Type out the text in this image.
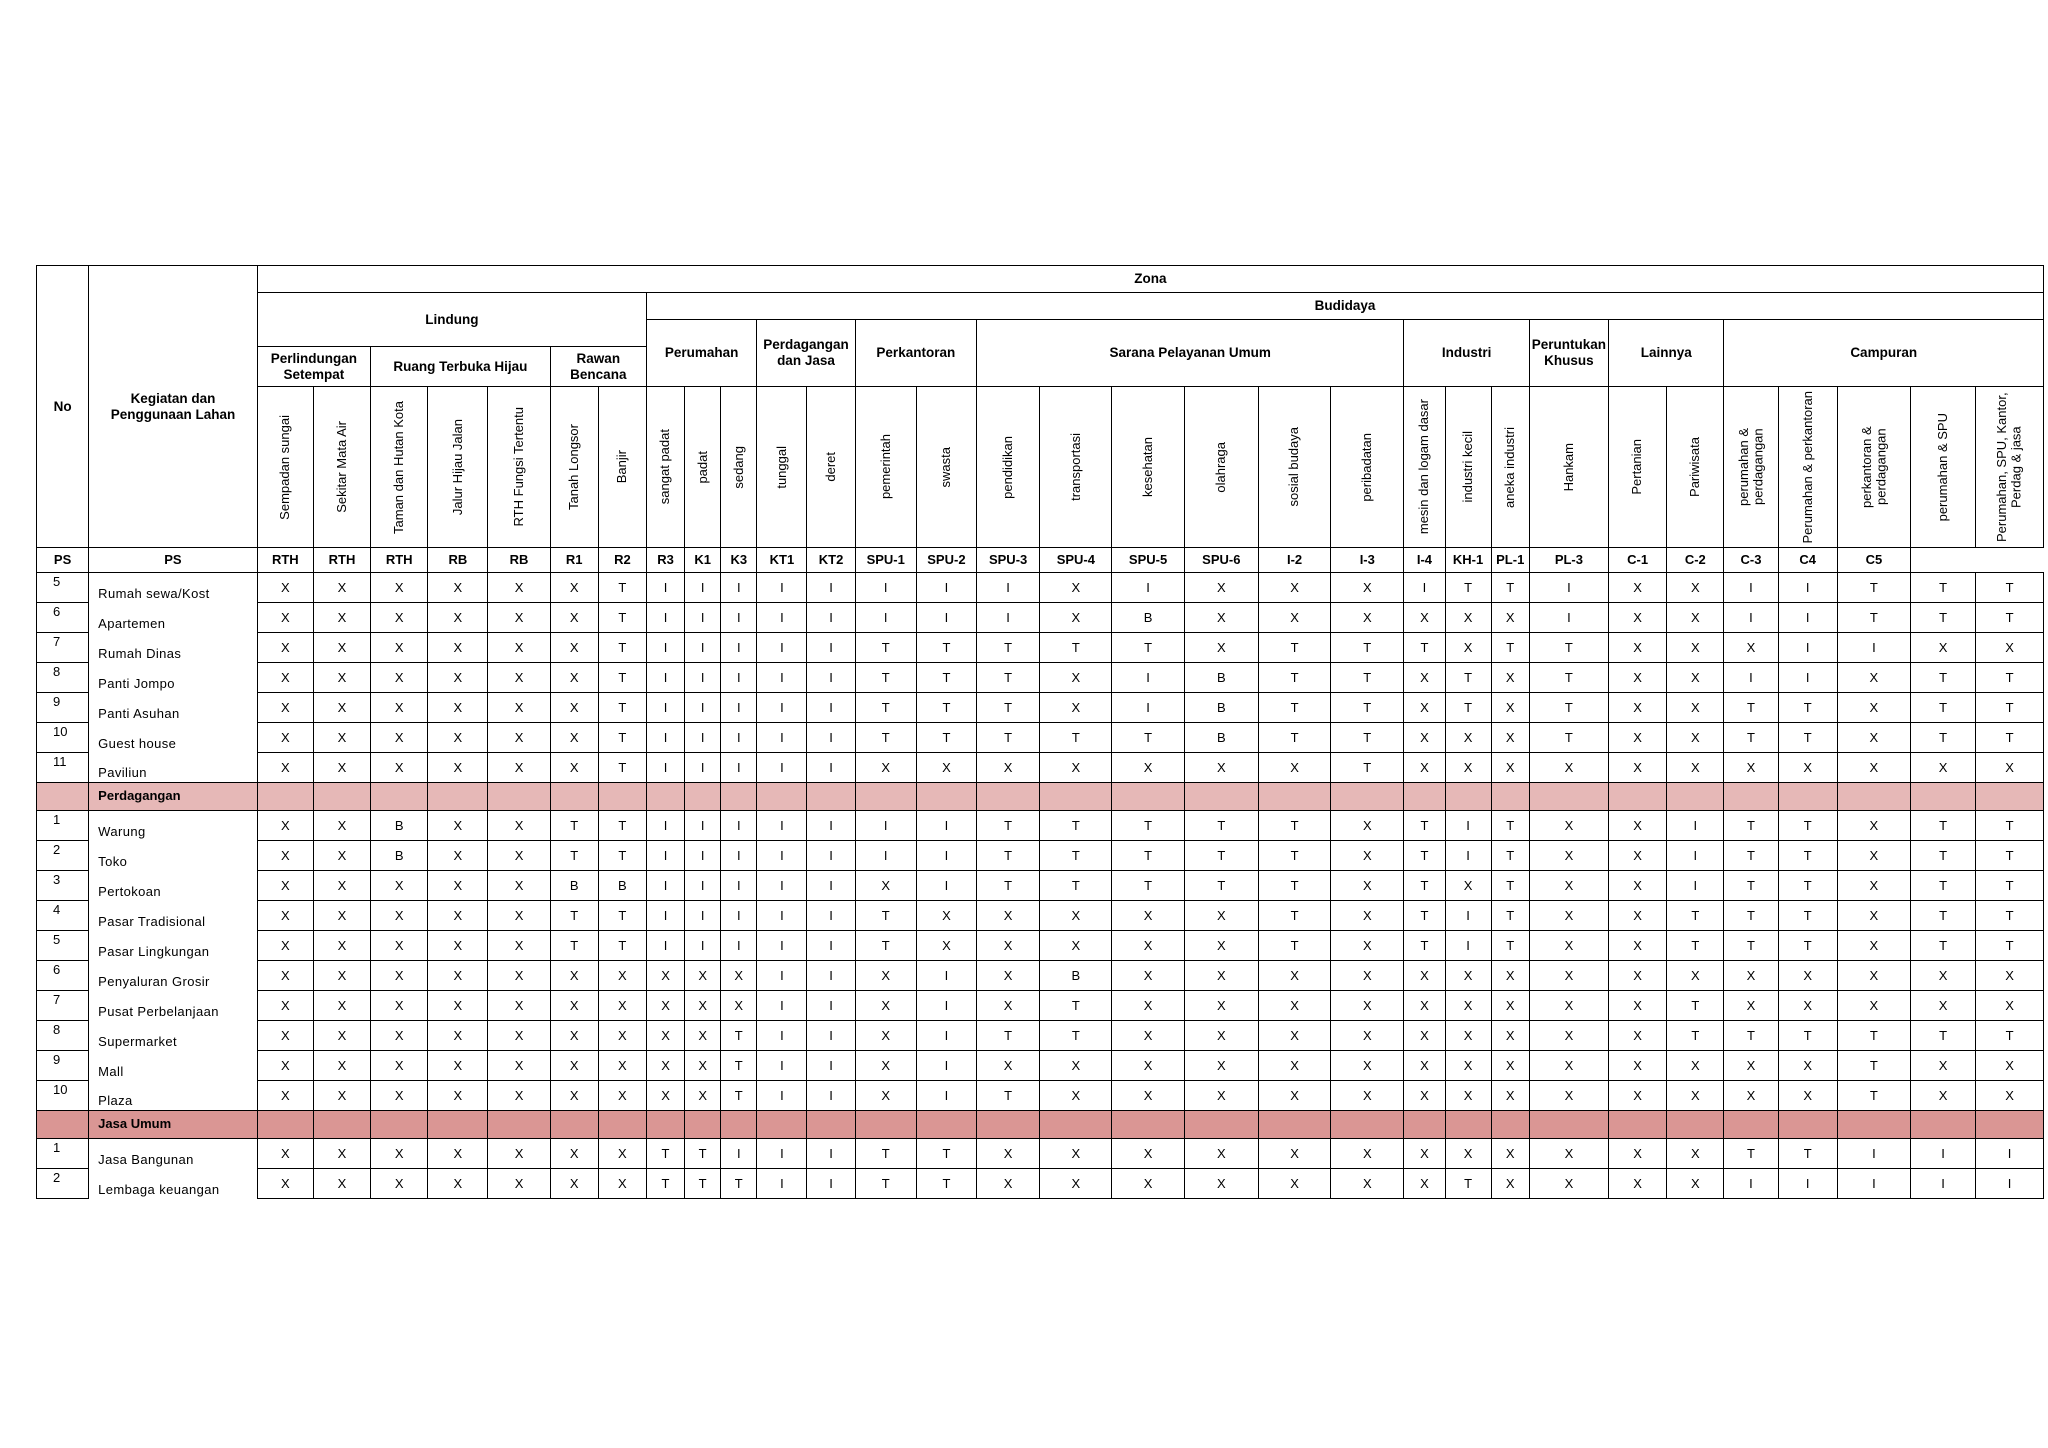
No	Kegiatan dan Penggunaan Lahan	Zona																														
		Lindung							Budidaya																							
									Perumahan			Perdagangan dan Jasa		Perkantoran		Sarana Pelayanan Umum						Industri			Peruntukan Khusus	Lainnya		Campuran				
		Perlindungan Setempat		Ruang Terbuka Hijau			Rawan Bencana																									

		Sempadan sungai	Sekitar Mata Air	Taman dan Hutan Kota	Jalur Hijau Jalan	RTH Fungsi Tertentu	Tanah Longsor	Banjir	sangat padat	padat	sedang	tunggal	deret	pemerintah	swasta	pendidikan	transportasi	kesehatan	olahraga	sosial budaya	peribadatan	mesin dan logam dasar	industri kecil	aneka industri	Hankam	Pertanian	Pariwisata	perumahan & perdagangan	Perumahan & perkantoran	perkantoran & perdagangan	perumahan & SPU	Perumahan, SPU, Kantor, Perdag & jasa

PS	PS	RTH	RTH	RTH	RB	RB	R1	R2	R3	K1	K3	KT1	KT2	SPU-1	SPU-2	SPU-3	SPU-4	SPU-5	SPU-6	I-2	I-3	I-4	KH-1	PL-1	PL-3	C-1	C-2	C-3	C4	C5		
5	Rumah sewa/Kost	X	X	X	X	X	X	T	I	I	I	I	I	I	I	I	X	I	X	X	X	I	T	T	I	X	X	I	I	T	T	T
6	Apartemen	X	X	X	X	X	X	T	I	I	I	I	I	I	I	I	X	B	X	X	X	X	X	X	I	X	X	I	I	T	T	T
7	Rumah Dinas	X	X	X	X	X	X	T	I	I	I	I	I	T	T	T	T	T	X	T	T	T	X	T	T	X	X	X	I	I	X	X
8	Panti Jompo	X	X	X	X	X	X	T	I	I	I	I	I	T	T	T	X	I	B	T	T	X	T	X	T	X	X	I	I	X	T	T
9	Panti Asuhan	X	X	X	X	X	X	T	I	I	I	I	I	T	T	T	X	I	B	T	T	X	T	X	T	X	X	T	T	X	T	T
10	Guest house	X	X	X	X	X	X	T	I	I	I	I	I	T	T	T	T	T	B	T	T	X	X	X	T	X	X	T	T	X	T	T
11	Paviliun	X	X	X	X	X	X	T	I	I	I	I	I	X	X	X	X	X	X	X	T	X	X	X	X	X	X	X	X	X	X	X
	Perdagangan																															
1	Warung	X	X	B	X	X	T	T	I	I	I	I	I	I	I	T	T	T	T	T	X	T	I	T	X	X	I	T	T	X	T	T
2	Toko	X	X	B	X	X	T	T	I	I	I	I	I	I	I	T	T	T	T	T	X	T	I	T	X	X	I	T	T	X	T	T
3	Pertokoan	X	X	X	X	X	B	B	I	I	I	I	I	X	I	T	T	T	T	T	X	T	X	T	X	X	I	T	T	X	T	T
4	Pasar Tradisional	X	X	X	X	X	T	T	I	I	I	I	I	T	X	X	X	X	X	T	X	T	I	T	X	X	T	T	T	X	T	T
5	Pasar Lingkungan	X	X	X	X	X	T	T	I	I	I	I	I	T	X	X	X	X	X	T	X	T	I	T	X	X	T	T	T	X	T	T
6	Penyaluran Grosir	X	X	X	X	X	X	X	X	X	X	I	I	X	I	X	B	X	X	X	X	X	X	X	X	X	X	X	X	X	X	X
7	Pusat Perbelanjaan	X	X	X	X	X	X	X	X	X	X	I	I	X	I	X	T	X	X	X	X	X	X	X	X	X	T	X	X	X	X	X
8	Supermarket	X	X	X	X	X	X	X	X	X	T	I	I	X	I	T	T	X	X	X	X	X	X	X	X	X	T	T	T	T	T	T
9	Mall	X	X	X	X	X	X	X	X	X	T	I	I	X	I	X	X	X	X	X	X	X	X	X	X	X	X	X	X	T	X	X
10	Plaza	X	X	X	X	X	X	X	X	X	T	I	I	X	I	T	X	X	X	X	X	X	X	X	X	X	X	X	X	T	X	X
	Jasa Umum																															
1	Jasa Bangunan	X	X	X	X	X	X	X	T	T	I	I	I	T	T	X	X	X	X	X	X	X	X	X	X	X	X	T	T	I	I	I
2	Lembaga keuangan	X	X	X	X	X	X	X	T	T	T	I	I	T	T	X	X	X	X	X	X	X	T	X	X	X	X	I	I	I	I	I
